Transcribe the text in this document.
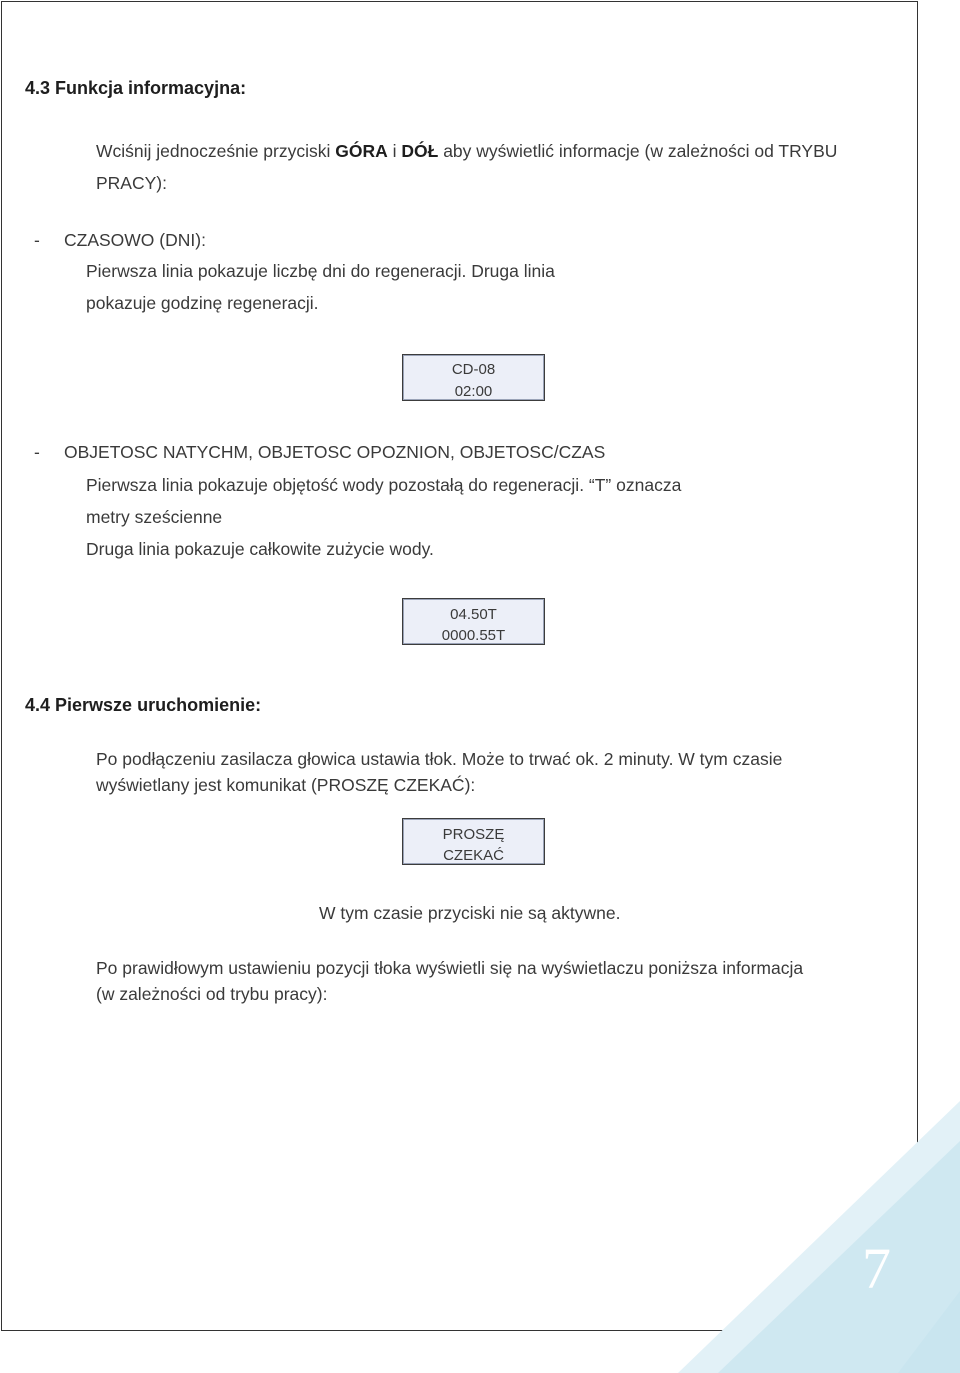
7
4.3 Funkcja informacyjna:
Wciśnij jednocześnie przyciski GÓRA i DÓŁ aby wyświetlić informacje (w zależności od TRYBU
PRACY):
- CZASOWO (DNI):
Pierwsza linia pokazuje liczbę dni do regeneracji. Druga linia
pokazuje godzinę regeneracji.
CD-08
02:00
- OBJETOSC NATYCHM, OBJETOSC OPOZNION, OBJETOSC/CZAS
Pierwsza linia pokazuje objętość wody pozostałą do regeneracji. “T” oznacza
metry sześcienne
Druga linia pokazuje całkowite zużycie wody.
04.50T
0000.55T
4.4 Pierwsze uruchomienie:
Po podłączeniu zasilacza głowica ustawia tłok. Może to trwać ok. 2 minuty. W tym czasie
wyświetlany jest komunikat (PROSZĘ CZEKAĆ):
PROSZĘ
CZEKAĆ
W tym czasie przyciski nie są aktywne.
Po prawidłowym ustawieniu pozycji tłoka wyświetli się na wyświetlaczu poniższa informacja
(w zależności od trybu pracy):
